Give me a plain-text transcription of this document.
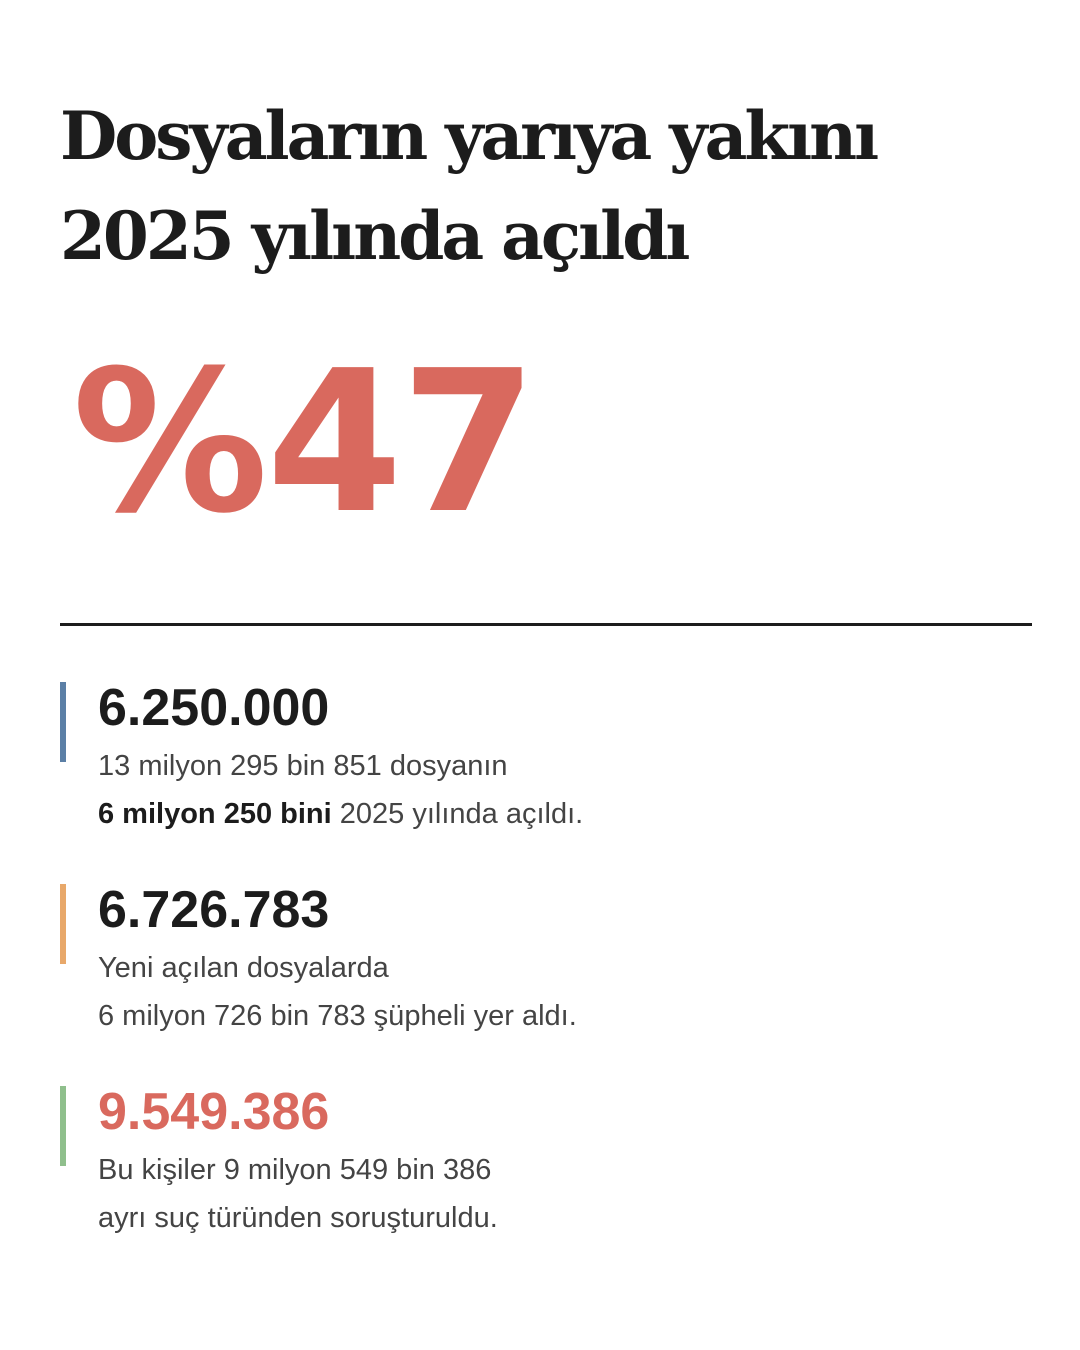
Dosyaların yarıya yakını
2025 yılında açıldı
%47
6.250.000
13 milyon 295 bin 851 dosyanın
6 milyon 250 bini 2025 yılında açıldı.
6.726.783
Yeni açılan dosyalarda
6 milyon 726 bin 783 şüpheli yer aldı.
9.549.386
Bu kişiler 9 milyon 549 bin 386
ayrı suç türünden soruşturuldu.
